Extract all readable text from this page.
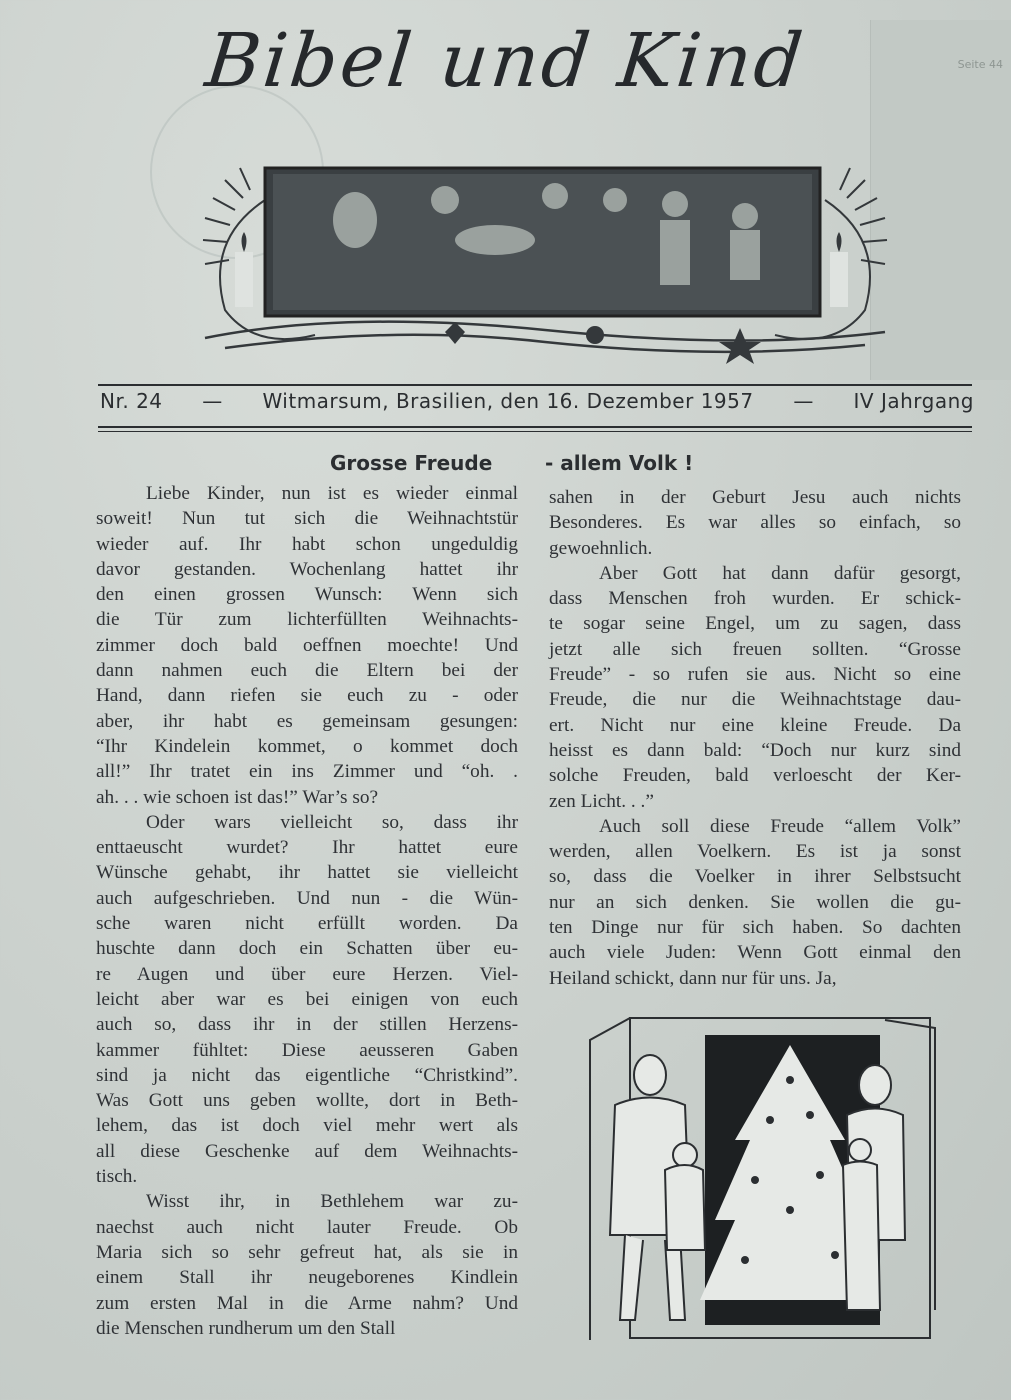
Seite 44
Bibel und Kind
Nr. 24 — Witmarsum, Brasilien, den 16. Dezember 1957 — IV Jahrgang
Grosse Freude	- allem Volk !
Liebe Kinder, nun ist es wieder einmal
soweit! Nun tut sich die Weihnachtstür
wieder auf. Ihr habt schon ungeduldig
davor gestanden. Wochenlang hattet ihr
den einen grossen Wunsch: Wenn sich
die Tür zum lichterfüllten Weihnachts-
zimmer doch bald oeffnen moechte! Und
dann nahmen euch die Eltern bei der
Hand, dann riefen sie euch zu - oder
aber, ihr habt es gemeinsam gesungen:
“Ihr Kindelein kommet, o kommet doch
all!” Ihr tratet ein ins Zimmer und “oh. .
ah. . . wie schoen ist das!” War’s so?
Oder wars vielleicht so, dass ihr
enttaeuscht wurdet? Ihr hattet eure
Wünsche gehabt, ihr hattet sie vielleicht
auch aufgeschrieben. Und nun - die Wün-
sche waren nicht erfüllt worden. Da
huschte dann doch ein Schatten über eu-
re Augen und über eure Herzen. Viel-
leicht aber war es bei einigen von euch
auch so, dass ihr in der stillen Herzens-
kammer fühltet: Diese aeusseren Gaben
sind ja nicht das eigentliche “Christkind”.
Was Gott uns geben wollte, dort in Beth-
lehem, das ist doch viel mehr wert als
all diese Geschenke auf dem Weihnachts-
tisch.
Wisst ihr, in Bethlehem war zu-
naechst auch nicht lauter Freude. Ob
Maria sich so sehr gefreut hat, als sie in
einem Stall ihr neugeborenes Kindlein
zum ersten Mal in die Arme nahm? Und
die Menschen rundherum um den Stall
sahen in der Geburt Jesu auch nichts
Besonderes. Es war alles so einfach, so
gewoehnlich.
Aber Gott hat dann dafür gesorgt,
dass Menschen froh wurden. Er schick-
te sogar seine Engel, um zu sagen, dass
jetzt alle sich freuen sollten. “Grosse
Freude” - so rufen sie aus. Nicht so eine
Freude, die nur die Weihnachtstage dau-
ert. Nicht nur eine kleine Freude. Da
heisst es dann bald: “Doch nur kurz sind
solche Freuden, bald verloescht der Ker-
zen Licht. . .”
Auch soll diese Freude “allem Volk”
werden, allen Voelkern. Es ist ja sonst
so, dass die Voelker in ihrer Selbstsucht
nur an sich denken. Sie wollen die gu-
ten Dinge nur für sich haben. So dachten
auch viele Juden: Wenn Gott einmal den
Heiland schickt, dann nur für uns. Ja,
